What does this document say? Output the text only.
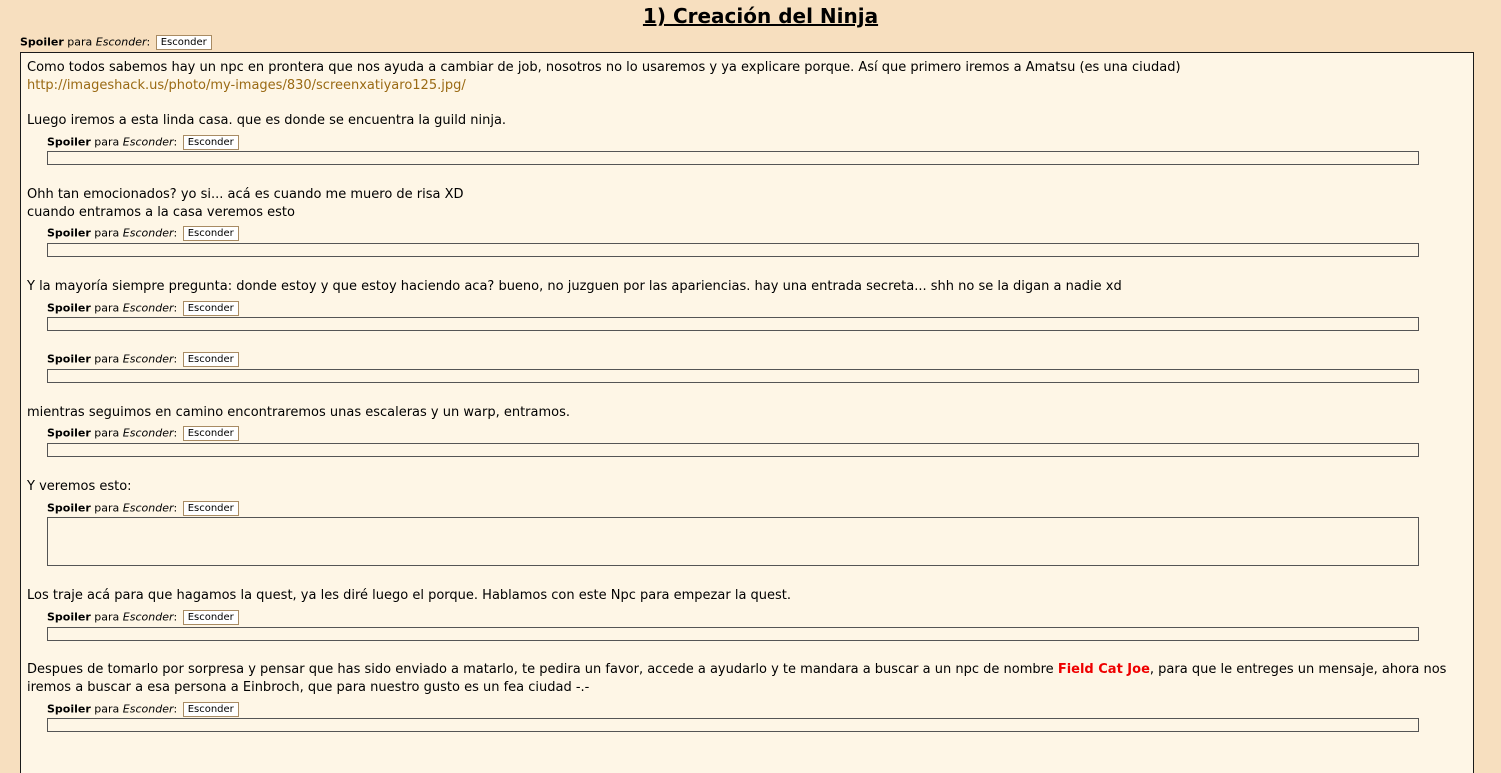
1) Creación del Ninja
Spoiler para Esconder: Esconder
Como todos sabemos hay un npc en prontera que nos ayuda a cambiar de job, nosotros no lo usaremos y ya explicare porque. Así que primero iremos a Amatsu (es una ciudad)
http://imageshack.us/photo/my-images/830/screenxatiyaro125.jpg/
Luego iremos a esta linda casa. que es donde se encuentra la guild ninja.
Spoiler para Esconder: Esconder
Ohh tan emocionados? yo si... acá es cuando me muero de risa XD
cuando entramos a la casa veremos esto
Spoiler para Esconder: Esconder
Y la mayoría siempre pregunta: donde estoy y que estoy haciendo aca? bueno, no juzguen por las apariencias. hay una entrada secreta... shh no se la digan a nadie xd
Spoiler para Esconder: Esconder
Spoiler para Esconder: Esconder
mientras seguimos en camino encontraremos unas escaleras y un warp, entramos.
Spoiler para Esconder: Esconder
Y veremos esto:
Spoiler para Esconder: Esconder
Los traje acá para que hagamos la quest, ya les diré luego el porque. Hablamos con este Npc para empezar la quest.
Spoiler para Esconder: Esconder
Despues de tomarlo por sorpresa y pensar que has sido enviado a matarlo, te pedira un favor, accede a ayudarlo y te mandara a buscar a un npc de nombre Field Cat Joe, para que le entreges un mensaje, ahora nos iremos a buscar a esa persona a Einbroch, que para nuestro gusto es un fea ciudad -.-
Spoiler para Esconder: Esconder
